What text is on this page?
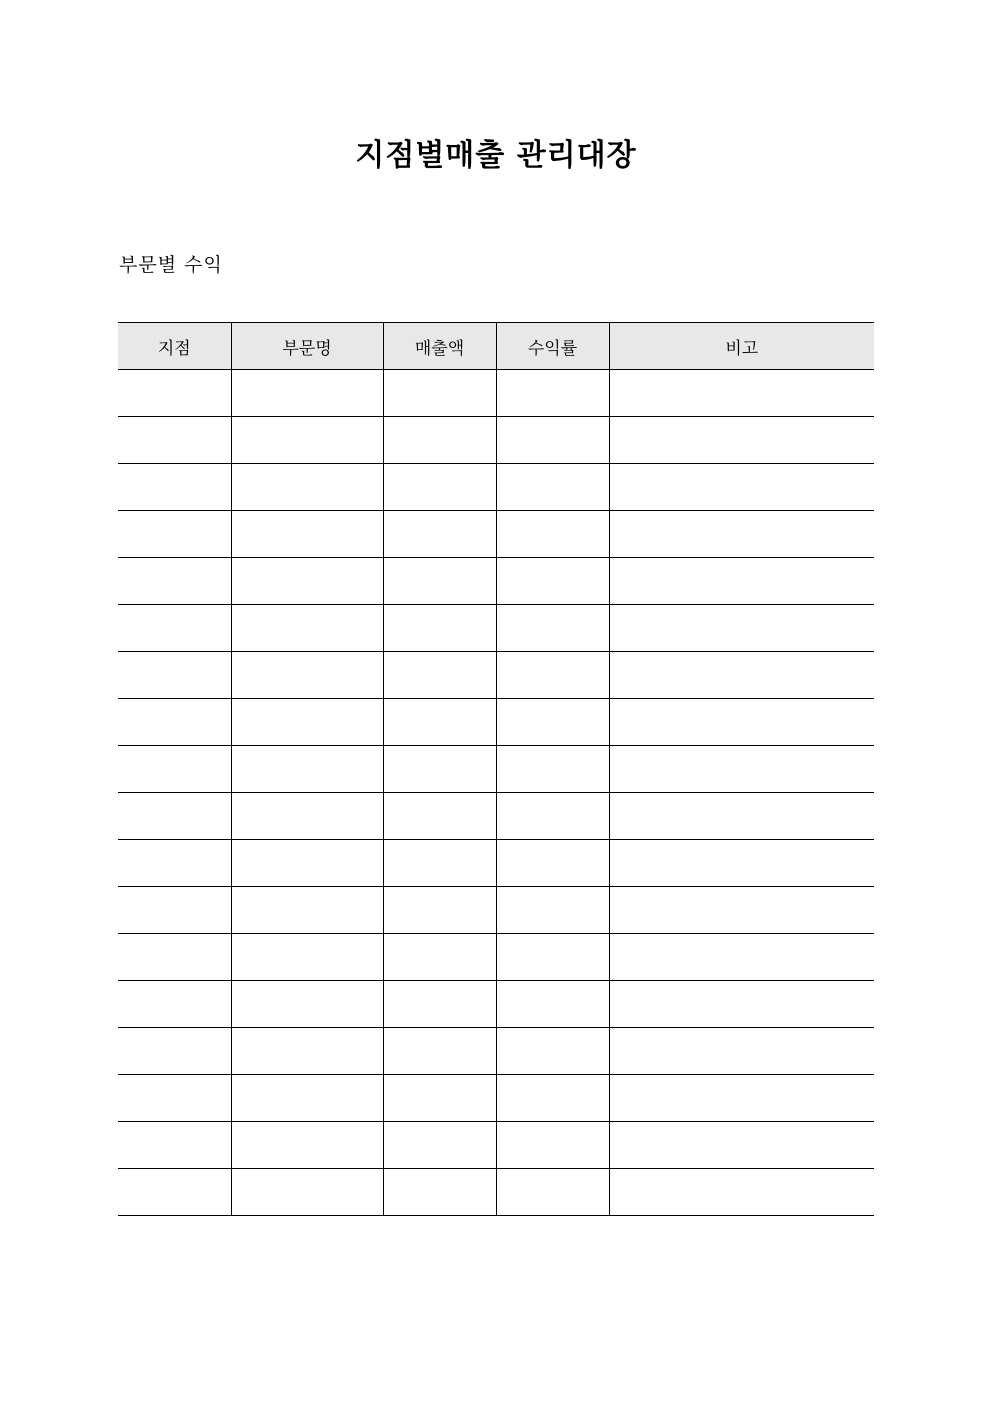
지점별매출 관리대장
부문별 수익
지점	부문명	매출액	수익률	비고
